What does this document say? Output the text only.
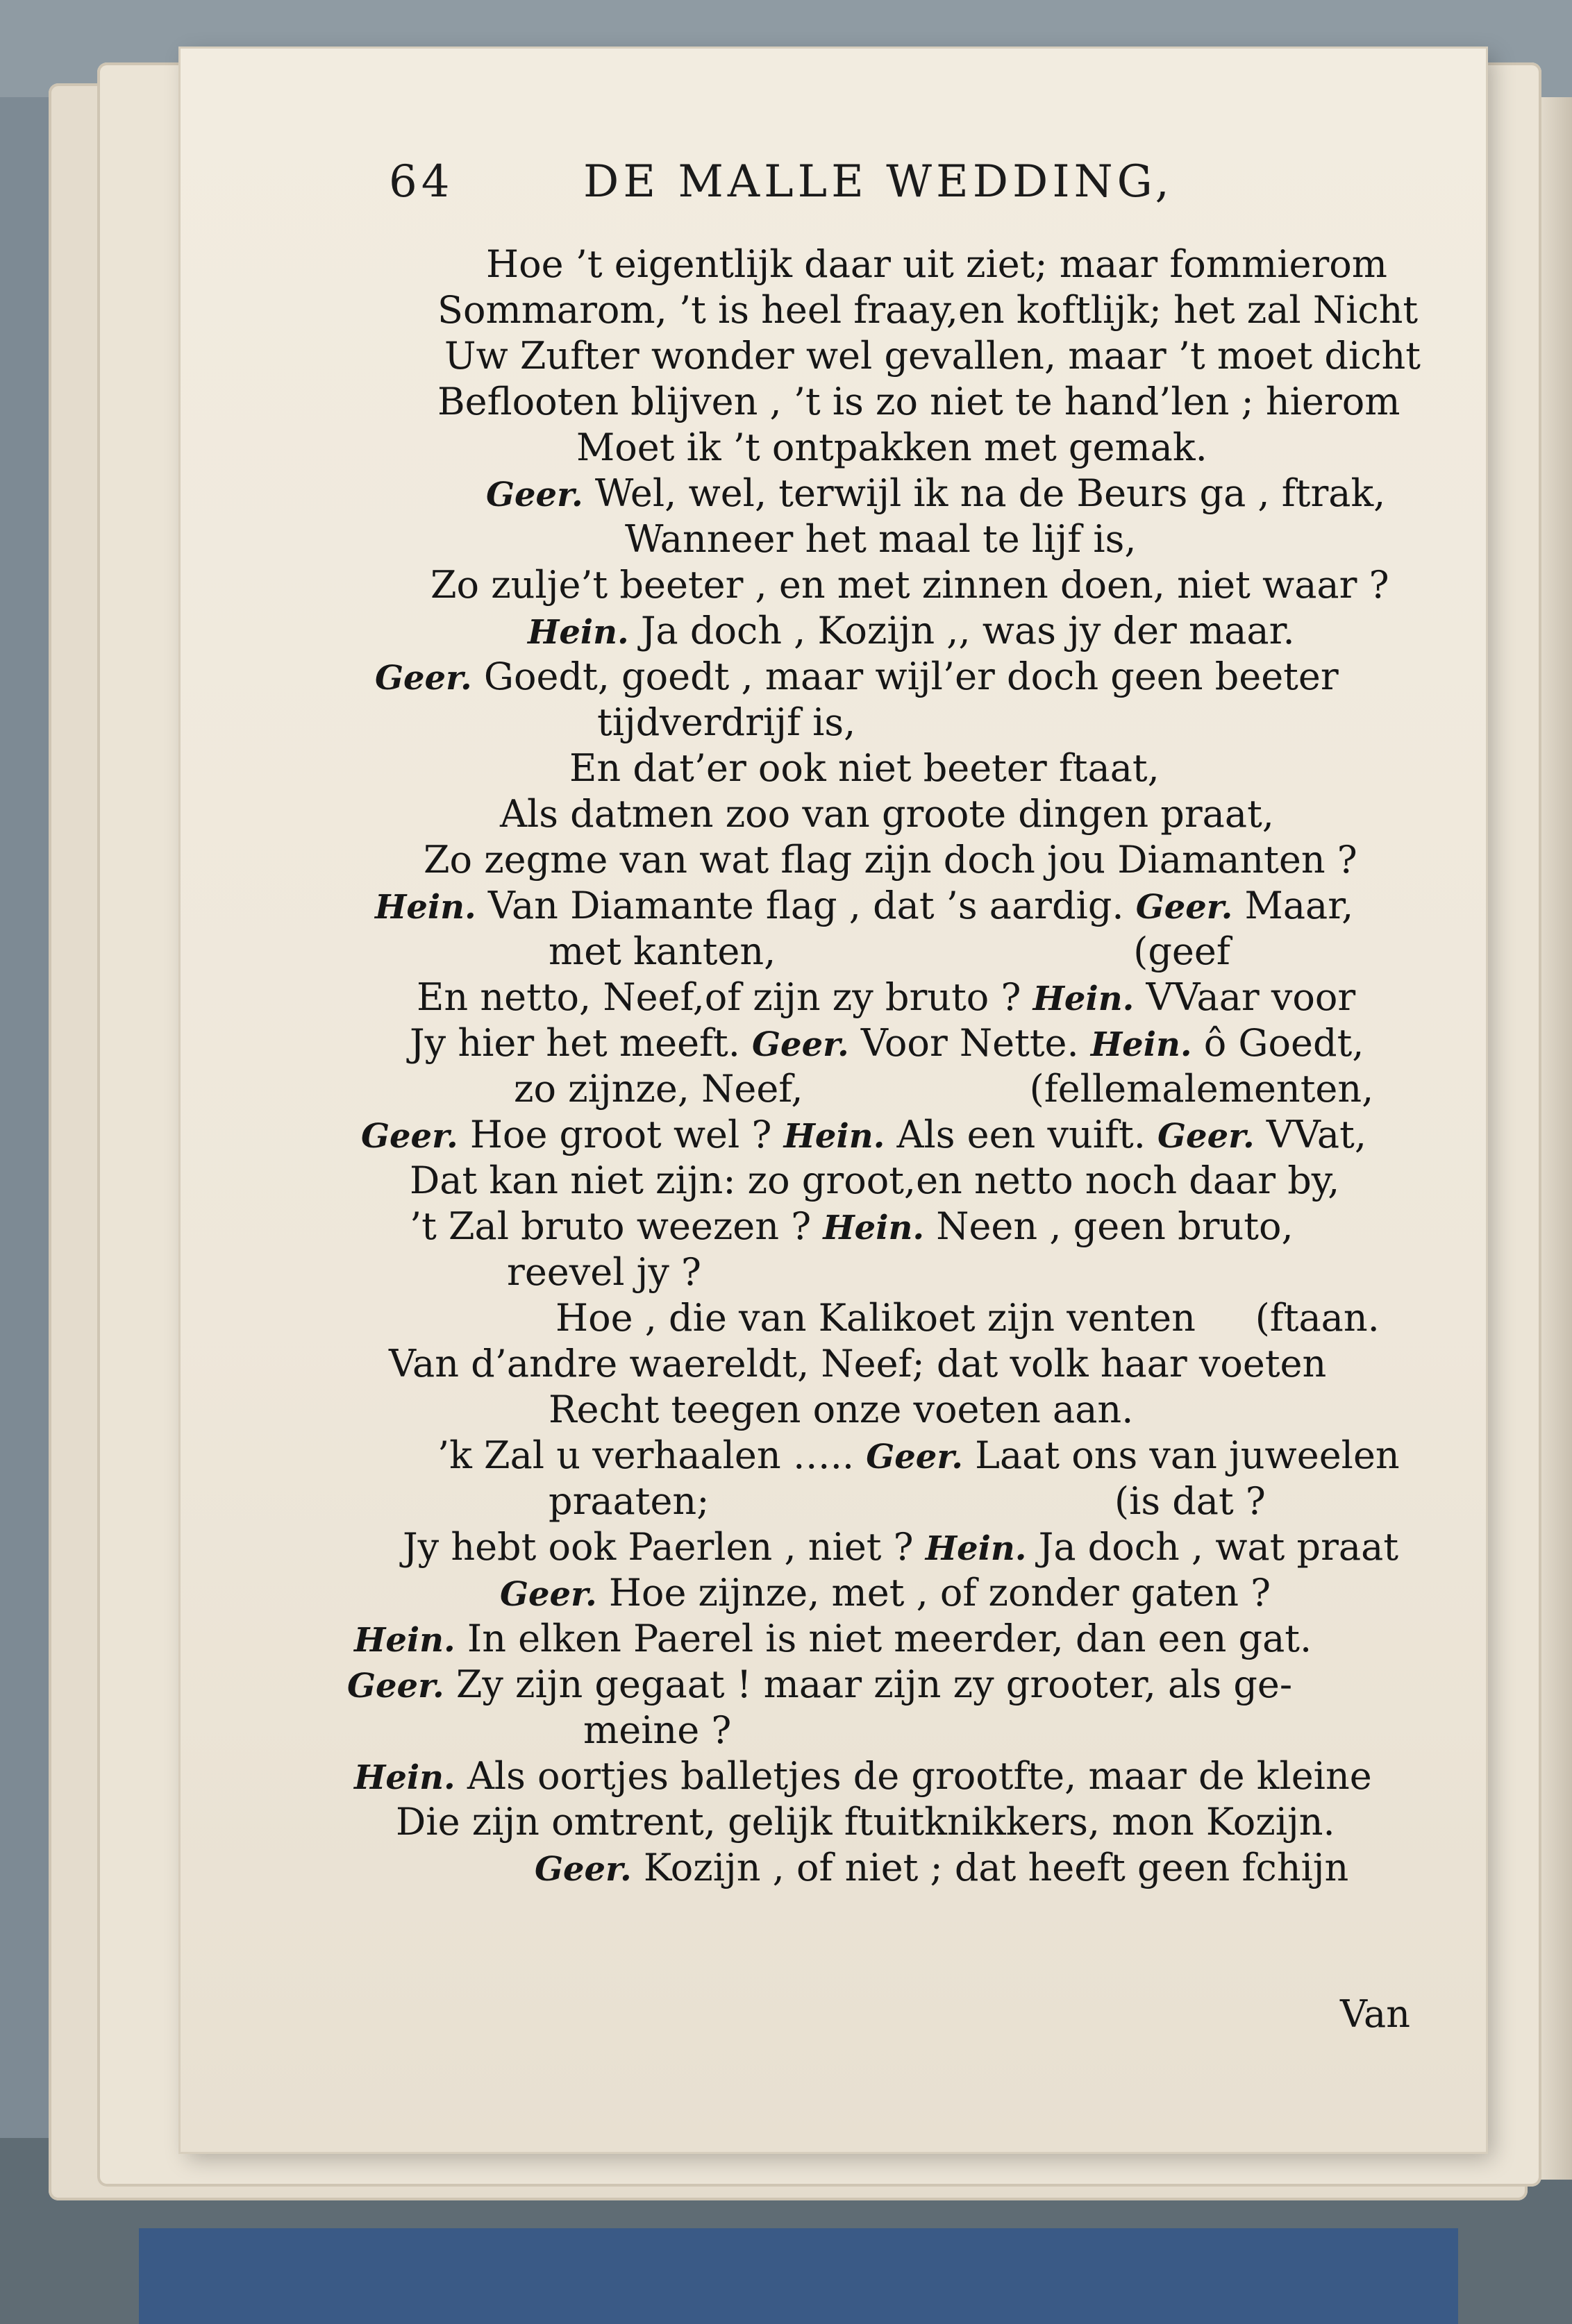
64	DE MALLE WEDDING,
Hoe ’t eigentlijk daar uit ziet; maar fommierom
Sommarom, ’t is heel fraay,en koftlijk; het zal Nicht
Uw Zufter wonder wel gevallen, maar ’t moet dicht
Beflooten blijven , ’t is zo niet te hand’len ; hierom
Moet ik ’t ontpakken met gemak.
Geer. Wel, wel, terwijl ik na de Beurs ga , ftrak,
Wanneer het maal te lijf is,
Zo zulje’t beeter , en met zinnen doen, niet waar ?
Hein. Ja doch , Kozijn ,, was jy der maar.
Geer. Goedt, goedt , maar wijl’er doch geen beeter
tijdverdrijf is,
En dat’er ook niet beeter ftaat,
Als datmen zoo van groote dingen praat,
Zo zegme van wat flag zijn doch jou Diamanten ?
Hein. Van Diamante flag , dat ’s aardig. Geer. Maar,
met kanten,                              (geef
En netto, Neef,of zijn zy bruto ? Hein. VVaar voor
Jy hier het meeft. Geer. Voor Nette. Hein. ô Goedt,
zo zijnze, Neef,                   (fellemalementen,
Geer. Hoe groot wel ? Hein. Als een vuift. Geer. VVat,
Dat kan niet zijn: zo groot,en netto noch daar by,
’t Zal bruto weezen ? Hein. Neen , geen bruto,
reevel jy ?
Hoe , die van Kalikoet zijn venten     (ftaan.
Van d’andre waereldt, Neef; dat volk haar voeten
Recht teegen onze voeten aan.
’k Zal u verhaalen ….. Geer. Laat ons van juweelen
praaten;                                  (is dat ?
Jy hebt ook Paerlen , niet ? Hein. Ja doch , wat praat
Geer. Hoe zijnze, met , of zonder gaten ?
Hein. In elken Paerel is niet meerder, dan een gat.
Geer. Zy zijn gegaat ! maar zijn zy grooter, als ge-
meine ?
Hein. Als oortjes balletjes de grootfte, maar de kleine
Die zijn omtrent, gelijk ftuitknikkers, mon Kozijn.
Geer. Kozijn , of niet ; dat heeft geen fchijn
Van
